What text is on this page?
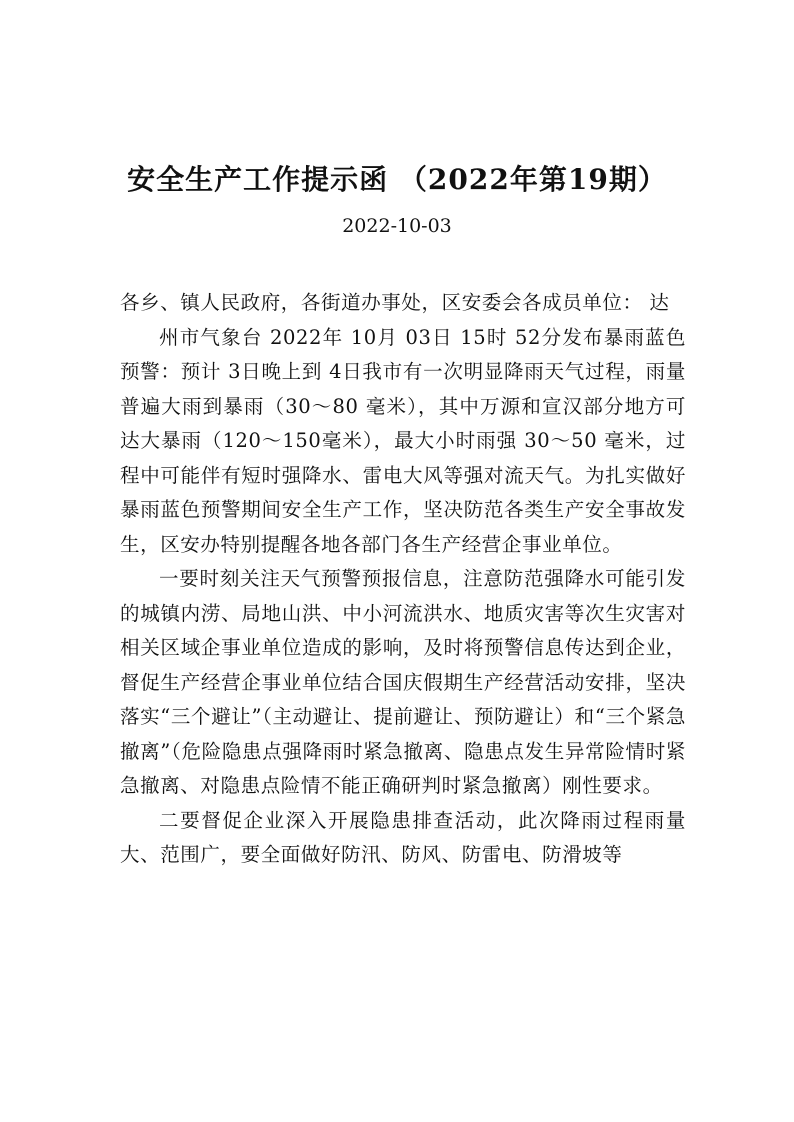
安全生产工作提示函 （2022年第19期）
2022-10-03

各乡、镇人民政府，各街道办事处，区安委会各成员单位： 达

州市气象台 2022年 10月 03日 15时 52分发布暴雨蓝色预警：预计 3日晚上到 4日我市有一次明显降雨天气过程，雨量普遍大雨到暴雨（30～80 毫米），其中万源和宣汉部分地方可达大暴雨（120～150毫米），最大小时雨强 30～50 毫米，过程中可能伴有短时强降水、雷电大风等强对流天气。为扎实做好暴雨蓝色预警期间安全生产工作，坚决防范各类生产安全事故发生，区安办特别提醒各地各部门各生产经营企事业单位。

一要时刻关注天气预警预报信息，注意防范强降水可能引发的城镇内涝、局地山洪、中小河流洪水、地质灾害等次生灾害对相关区域企事业单位造成的影响，及时将预警信息传达到企业，督促生产经营企事业单位结合国庆假期生产经营活动安排，坚决落实“三个避让”（主动避让、提前避让、预防避让）和“三个紧急撤离”（危险隐患点强降雨时紧急撤离、隐患点发生异常险情时紧急撤离、对隐患点险情不能正确研判时紧急撤离）刚性要求。

二要督促企业深入开展隐患排查活动，此次降雨过程雨量大、范围广，要全面做好防汛、防风、防雷电、防滑坡等
